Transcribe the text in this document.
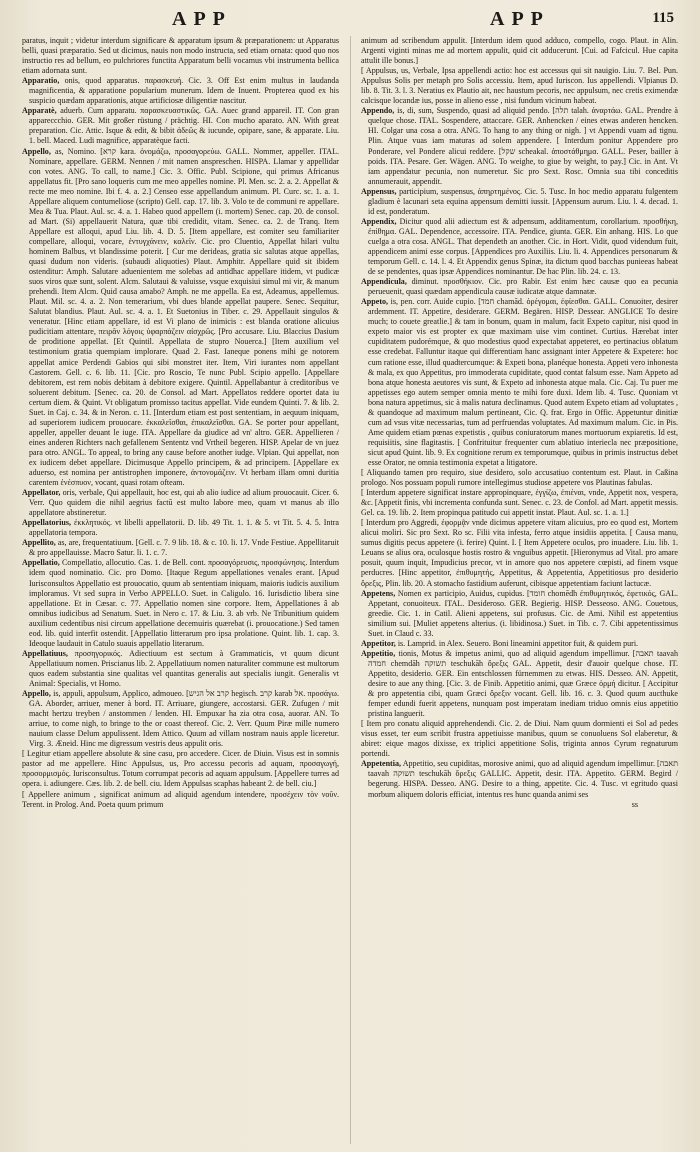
APP	APP	115

paratus, inquit ; videtur interdum significare & apparatum ipsum & præparationem: ut Apparatus belli, quasi præparatio. Sed ut dicimus, nauis non modo instructa, sed etiam ornata: quod quo nos instructio res ad bellum, eo pulchriores functita Apparatum belli vocamus vbi instrumenta bellica etiam adornata sunt.

Apparatio, onis, quod apparatus. παρασκευή. Cic. 3. Off Est enim multus in laudanda magnificentia, & apparatione popularium munerum. Idem de Inuent. Propterea quod ex his suspicio quædam apparationis, atque artificiosæ diligentiæ nascitur.

Apparatè, aduerb. Cum apparatu. παρασκευαστικῶς. GA. Auec grand appareil. IT. Con gran appareccchio. GER. Mit großer rüstung / prächtig. HI. Con mucho aparato. AN. With great preparation. Cic. Attic. Isque & edit, & bibit ἀδεῶς & iucunde, opipare, sane, & apparate. Liu. 1. bell. Maced. Ludi magnifice, apparatèque facti.

Appello, as, Nomino. [קרא kara. ὀνομάζω, προσαγορεύω. GALL. Nommer, appeller. ITAL. Nominare, appellare. GERM. Nennen / mit namen anspreschen. HISPA. Llamar y appellidar con votes. ANG. To call, to name.] Cic. 3. Offic. Publ. Scipione, qui primus Africanus appellatus fit. [Pro sano loqueris cum me meo appelles nomine. Pl. Men. sc. 2. a. 2. Appellat & recte me meo nomine. Ibi f. 4. a. 2.] Censeo esse appellandum animum. Pl. Curc. sc. 1. a. 1. Appellare aliquem contumeliose (scripto) Gell. cap. 17. lib. 3. Volo te de communi re appellare. Mea & Tua. Plaut. Aul. sc. 4. a. 1. Habeo quod appellem (i. mortem) Senec. cap. 20. de consol. ad Mart. (Si) appellauerit Natura, quæ tibi credidit, vitam. Senec. ca. 2. de Tranq. Item Appellare est alloqui, apud Liu. lib. 4. D. 5. [Item appellare, est comiter seu familiariter compellare, alloqui, vocare, ἐντυγχάνειν, καλεῖν. Cic. pro Cluentio, Appellat hilari vultu hominem Balbus, vt blandissime poterit. [ Cur me derideas, gratia sic salutas atque appellas, quasi dudum non videris. (subaudi aliquoties) Plaut. Amphitr. Appellare quid sit ibidem ostenditur: Amph. Salutare aduenientem me solebas ad antidhac appellare itidem, vt pudicæ suos viros quæ sunt, solent. Alcm. Salutaui & valuisse, vsque exquisiui simul mi vir, & manum prehendi. Item Alcm. Quid causa amabo? Amph. ne me appella. Ea est, Adeamus, appellemus. Plaut. Mil. sc. 4. a. 2. Non temerarium, vbi dues blande appellat paupere. Senec. Sequitur, Salutat blandius. Plaut. Aul. sc. 4. a. 1. Et Suetonius in Tiber. c. 29. Appellauit singulos & veneratur. [Hinc etiam appellare, id est Vi plano de inimicis : est blanda oratione alicuius pudicitiam attentare, πειρᾶν λόγοις ὑφαρπάζειν αἰσχρῶς. [Pro accusare. Liu. Blaccius Dasium de proditione appellat. [Et Quintil. Appellata de stupro Nouerca.] [Item auxilium vel testimonium gratia quempiam implorare. Quad 2. Fast. Ianeque ponens mihi ge notorem appellat amice Perdendi Gabios qui sibi monstret iter. Item, Viri iurantes nom appellant Castorem. Gell. c. 6. lib. 11. [Cic. pro Roscio, Te nunc Publ. Scipio appello. [Appellare debitorem, est rem nobis debitam à debitore exigere. Quintil. Appellabantur à creditoribus ve soluerent debitum. [Senec. ca. 20. de Consol. ad Mart. Appellatos reddere oportet data iu certum diem. & Quint. Vt obligatum promisso tacitus appellat. Vide eundem Quinti. 7. & lib. 2. Suet. in Caj. c. 34. & in Neron. c. 11. [Interdum etiam est post sententiam, in aequum iniquam, ad superiorem iudicem prouocare. ἐκκαλεῖσθαι, ἐπικαλεῖσθαι. GA. Se porter pour appellant, appeller, appeller deuant le iuge. ITA. Appellare da giudice ad vn' altro. GER. Appellieren / eines anderen Richters nach gefallenem Sententz vnd Vrtheil begeren. HISP. Apelar de vn juez para otro. ANGL. To appeal, to bring any cause before another iudge. Vlpian. Qui appellat, non ex iudicem debet appellare. Dicimusque Appello principem, & ad principem. [Appellare ex aduerso, est nomina per antistrophen imponere, ἀντονομάζειν. Vt herbam illam omni duritia carentem ἐνέσπυον, vocant, quasi rotam ofteam.

Appellator, oris, verbale, Qui appellauit, hoc est, qui ab alio iudice ad alium prouocauit. Cicer. 6. Verr. Quo quidem die nihil aegrius factū est multo labore meo, quam vt manus ab illo appellatore abstineretur.

Appellatorius, ἐκκλητικός. vt libelli appellatorii. D. lib. 49 Tit. 1. 1. & 5. vt Tit. 5. 4. 5. Intra appellatoria tempora.

Appellito, as, are, frequentatiuum. [Gell. c. 7. 9 lib. 18. & c. 10. li. 17. Vnde Festiue. Appellitaruit & pro appellauisse. Macro Satur. li. 1. c. 7.

Appellatio, Compellatio, allocutio. Cas. 1. de Bell. cont. προσαγόρευσις, προσφώνησις. Interdum idem quod nominatio. Cic. pro Domo. [Itaque Regum appellationes venales erant. [Apud Iurisconsultos Appellatio est prouocatio, quum ab sententiam iniquam, maioris iudicis auxilium imploramus. Vt sed supra in Verbo APPELLO. Suet. in Caligulo. 16. Iurisdictio libera sine appellatione. Et in Cæsar. c. 77. Appellatio nomen sine corpore. Item, Appellationes â ab omnibus iudicibus ad Senatum. Suet. in Nero c. 17. & Liu. 3. ab vrb. Ne Tribunitium quidem auxilium cedentibus nisi circum appellatione decemuiris quærebat (i. prouocatione.) Sed tamen eod. lib. quid interfit ostendit. [Appellatio litterarum pro ipsa prolatione. Quint. lib. 1. cap. 3. Ideoque laudauit in Catulo suauis appellatio literarum.

Appellatiuus, προσηγορικός. Adiectiuum est sectum à Grammaticis, vt quum dicunt Appellatiuum nomen. Priscianus lib. 2. Appellatiuum nomen naturaliter commune est multorum quos eadem substantia sine qualitas vel quantitas generalis aut specialis iungit. Generalis vt Animal: Specialis, vt Homo.

Appello, is, appuli, appulsum, Applico, admoueo. [קרב אל הגיש hegisch. קרב karab אל. προσάγω. GA. Aborder, arriuer, mener à bord. IT. Arriuare, giungere, accostarsi. GER. Zufugen / mit macht hertzu treyben / anstommen / lenden. HI. Empuxar ha zia otra cosa, auorar. AN. To arriue, to come nigh, to bringe to the or coast thereof. Cic. 2. Verr. Quum Piræ mille numero nauium classe Delum appulissent. Idem Attico. Quum ad villam nostram nauis apple liceretur. Virg. 3. Æneid. Hinc me digressum vestris deus appulit oris.

[ Legitur etiam appellere absolute & sine casu, pro accedere. Cicer. de Diuin. Visus est in somnis pastor ad me appellere. Hinc Appulsus, us, Pro accessu pecoris ad aquam, προσαγωγή, προσορμισμός. Iurisconsultus. Totum corrumpat pecoris ad aquam appulsum. [Appellere turres ad opera. i. adiungere. Cæs. lib. 2. de bell. ciu. Idem Appulsas scaphas habeant 2. de bell. ciu.]

[ Appellere animum , significat animum ad aliquid agendum intendere, προσέχειν τὸν νοῦν. Terent. in Prolog. And. Poeta quum primum

animum ad scribendum appulit. [Interdum idem quod adduco, compello, cogo. Plaut. in Alin. Argenti viginti minas me ad mortem appulit, quid cit adducerunt. [Cui. ad Fafcicul. Hue capita attulit ille bonus.]

[ Appulsus, us, Verbale, Ipsa appellendi actio: hoc est accessus qui sit nauigio. Liu. 7. Bel. Pun. Appulsus Solis per metaph pro Solis accessiu. Item, apud Iuriscon. Ius appellendi. Vlpianus D. lib. 8. Tit. 3. l. 3. Neratius ex Plautio ait, nec haustum pecoris, nec appulsum, nec cretis eximendæ calcisque locandæ ius, posse in alieno esse , nisi fundum vicinum habeat.

Appendo, is, di, sum, Suspendo, quasi ad aliquid pendo. [תלה talah. ἀναρτάω. GAL. Prendre à quelque chose. ITAL. Sospendere, attaccare. GER. Anhencken / eines etwas anderen hencken. HI. Colgar una cosa a otra. ANG. To hang to any thing or nigh. ] vt Appendi vuam ad tignu. Plin. Atque vuas iam maturas ad solem appendere. [ Interdum ponitur Appendere pro Ponderare, vel Pondere alicui reddere. [שקל scheakal. ἀποστάθμημα. GALL. Peser, bailler à poids. ITA. Pesare. Ger. Wägen. ANG. To weighe, to giue by weight, to pay.] Cic. in Ant. Vt iam appendatur pecunia, non numeretur. Sic pro Sext. Rosc. Omnia sua tibi conceditis annumerauit, appendit.

Appensus, participium, suspensus, ἀπηρτημένος. Cic. 5. Tusc. In hoc medio apparatu fulgentem gladium è lacunari seta equina appensum demitti iussit. [Appensum aurum. Liu. l. 4. decad. 1. id est, ponderatum.

Appendix, Dicitur quod alii adiectum est & adpensum, additamentum, corollarium. προσθήκη, ἐπίθημα. GAL. Dependence, accessoire. ITA. Pendice, giunta. GER. Ein anhang. HIS. Lo que cuelga a otra cosa. ANGL. That dependeth an another. Cic. in Hort. Vidit, quod videndum fuit, appendicem animi esse corpus. [Appendices pro Auxiliis. Liu. li. 4. Appendices personarum & temporum Gell. c. 14. l. 4. Et Appendix genus Spinæ, ita dictum quod bacchas punieeas habeat de se pendentes, quas ipsæ Appendices nominantur. De hac Plin. lib. 24. c. 13.

Appendicula, diminut. προσθήκιον. Cic. pro Rabir. Est enim hæc causæ quo ea pecunia perueuenit, quasi quædam appendicula causæ iudicatæ atque damnatæ.

Appeto, is, pen. corr. Auide cupio. [חמד chamād. ὀρέγομαι, ἐφίεσθαι. GALL. Conuoiter, desirer ardemment. IT. Appetire, desiderare. GERM. Begären. HISP. Dessear. ANGLICE To desire much; to couete greatlie.] & tam in bonum, quam in malum, facit Expeto capitur, nisi quod in expeto maior vis est propter ex quæ maximam uise vim continet. Curtius. Hærebat inter cupiditatem pudorémque, & quo modestius quod expectabat appeteret, eo pertinacius oblatum esse credebat. Falluntur itaque qui differentiam hanc assignant inter Appetere & Expetere: hoc cum ratione esse, illud quadtercumque: & Expeti bona, planéque honesta. Appeti vero inhonesta & mala, ex quo Appetitus, pro immoderata cupiditate, quod contat falsum esse. Nam Appeto ad bona atque honesta aeutores vis sunt, & Expeto ad inhonesta atque mala. Cic. Caj. Tu puer me appetisses ego autem semper omnia mento te mihi fore duxi. Idem lib. 4. Tusc. Quoniam vt bona natura appetimus, sic à malis natura declinamus. Quod autem Expeto etiam ad voluptates , & quandoque ad maximum malum pertineant, Cic. Q. frat. Ergo in Offic. Appetuntur dinitiæ cum ad vsus vitæ necessarias, tum ad perfruendas voluptates. Ad maximum malum. Cic. in Pis. Ame quidem etiam pœnas expetistis , quibus coniuratorum manes mortuorum expiaretis. Id est, requisiitis, sine flagitastis. [ Confrituitur frequenter cum ablatiuo interiecla nec præpositione, sicut apud Quint. lib. 9. Ex cognitione rerum ex temporumque, quibus in primis instructus debet esse Orator, ne omnia testimonia expetat a litigatore.

[ Aliquando tamen pro requiro, siue desidero, solo accusatiuo contentum est. Plaut. in Caßina prologo. Nos possuam populi rumore intellegimus studiose appetere vos Plautinas fabulas.

[ Interdum appetere significat instare appropinquare, ἐγγίζω, ἐπιέναι, vnde, Appetit nox, vespera, &c. [Appetit finis, vbi incrementa confunda sunt. Senec. c. 23. de Confol. ad Mart. appetit messis. Gel. ca. 19. lib. 2. Item propinqua patitudo cui appetit instat. Plaut. Aul. sc. 1. a. 1.]

[ Interdum pro Aggredi, ἐφορμᾷν vnde dicimus appetere vitam alicuius, pro eo quod est, Mortem alicui moliri. Sic pro Sext. Ro sc. Filii vita infesta, ferro atque insidiis appetita. [ Causa manu, sumus digitis pecus appetere (i. ferire) Quint. I. [ Item Appetere oculos, pro inuadere. Liu. lib. 1. Leuans se alius ora, oculosque hostis rostro & vnguibus appetit. [Hieronymus ad Vital. pro amare posuit, quum inquit, Impudicius precor, vt in amore quo nos appetere cœpisti, ad finem vsque perducres. [Hinc appetitor, ἐπιθυμητής, Appetitus, & Appetentia, Appetitiosus pro desiderio ὄρεξις, Plin. lib. 20. A stomacho fastidium auferunt, cibisque appetentiam faciunt lactucæ.

Appetens, Nomen ex participio, Auidus, cupidus. [חומד chomēdh ἐπιθυμητικός, ἐφετικός, GAL. Appetant, conuoiteux. ITAL. Desideroso. GER. Begierig. HISP. Desseoso. ANG. Couetous, greedie. Cic. 1. in Catil. Alieni appetens, sui profusus. Cic. de Ami. Nihil est appetentius similium sui. [Muliet appetens alterius. (i. libidinosa.) Suet. in Tib. c. 7. Cibi appetentissimus Suet. in Claud c. 33.

Appetitor, is. Lamprid. in Alex. Seuero. Boni lineamini appetitor fuit, & quidem puri.

Appetitio, tionis, Motus & impetus animi, quo ad aliquid agendum impellimur. [תאבה taavah חמדה chemdāh תשוקה teschukāh ὄρεξις GAL. Appetit, desir d'auoir quelque chose. IT. Appetito, desiderio. GER. Ein entschlossen fürnemmen zu etwas. HIS. Desseo. AN. Appetit, desire to aue any thing. [Cic. 3. de Finib. Appetitio animi, quæ Græce ὁρμή dicitur. [ Accipitur & pro appetentia cibi, quam Græci ὄρεξιν vocant. Gell. lib. 16. c. 3. Quod quum aucthuke femper edundi fuerit appetens, nunquam post imperatam inediam triduo omnis eius appetitio pristina languerit.

[ Item pro conatu aliquid apprehendendi. Cic. 2. de Diui. Nam quum dormienti ei Sol ad pedes visus esset, ter eum scribit frustra appetiuisse manibus, quum se conuoluens Sol elaberetur, & abiret: eique magos dixisse, ex triplici appetitione Solis, triginta annos Cyrum regnaturum portendi.

Appetentia, Appetitio, seu cupiditas, morosive animi, quo ad aliquid agendum impellimur. [תאבה taavah תשוקה teschukāh ὄρεξις GALLIC. Appetit, desir. ITA. Appetito. GERM. Begird / begerung. HISPA. Desseo. ANG. Desire to a thing, appetite. Cic. 4. Tusc. vt egritudo quasi morbum aliquem doloris efficiat, intentus res hunc quanda animi ses

ss
